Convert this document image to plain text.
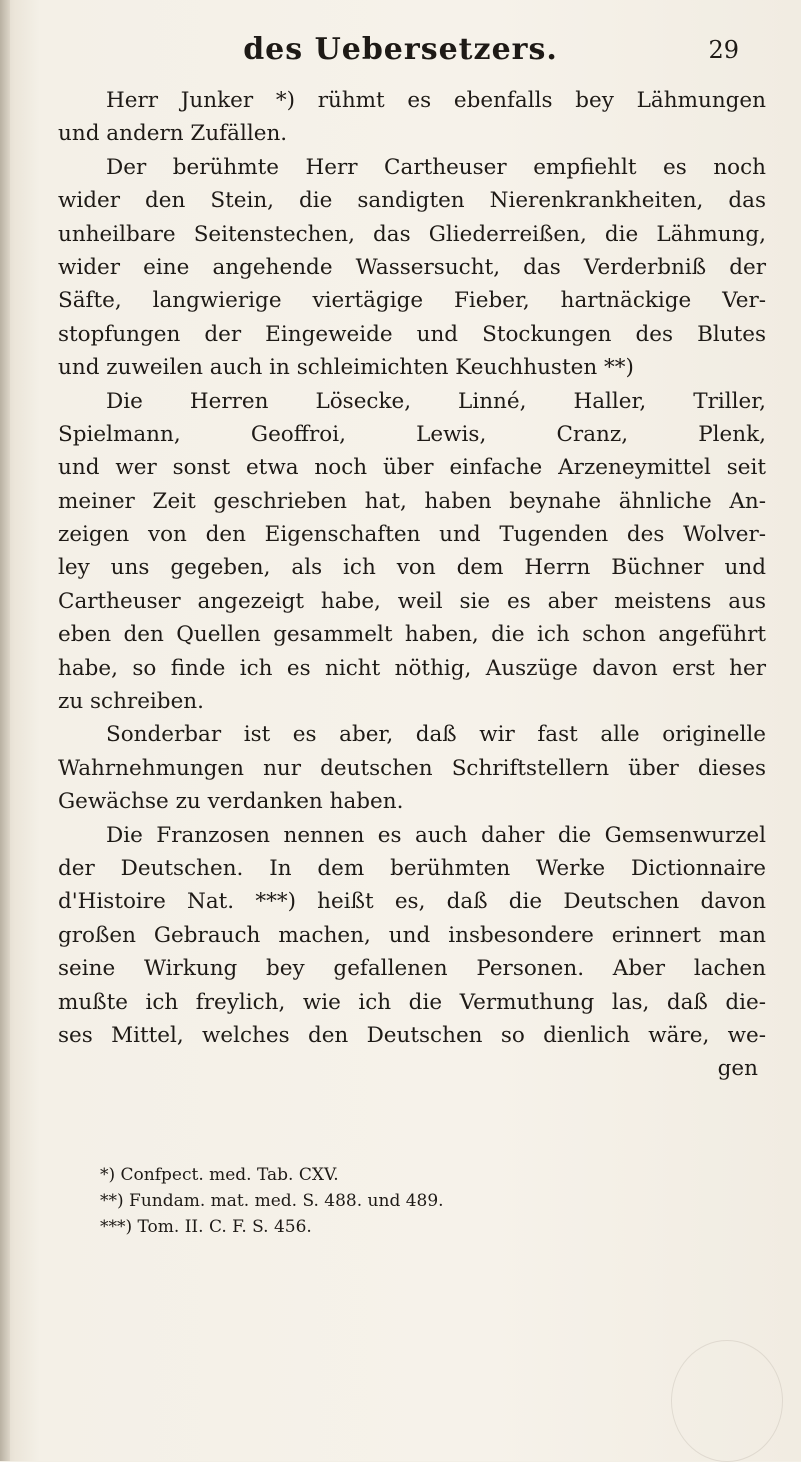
des Uebersetzers.	29
Herr Junker *) rühmt es ebenfalls bey Lähmungen
und andern Zufällen.
Der berühmte Herr Cartheuser empfiehlt es noch
wider den Stein, die sandigten Nierenkrankheiten, das
unheilbare Seitenstechen, das Gliederreißen, die Lähmung,
wider eine angehende Wassersucht, das Verderbniß der
Säfte, langwierige viertägige Fieber, hartnäckige Ver-
stopfungen der Eingeweide und Stockungen des Blutes
und zuweilen auch in schleimichten Keuchhusten **)
Die Herren Lösecke, Linné, Haller, Triller,
Spielmann, Geoffroi, Lewis, Cranz, Plenk,
und wer sonst etwa noch über einfache Arzeneymittel seit
meiner Zeit geschrieben hat, haben beynahe ähnliche An-
zeigen von den Eigenschaften und Tugenden des Wolver-
ley uns gegeben, als ich von dem Herrn Büchner und
Cartheuser angezeigt habe, weil sie es aber meistens aus
eben den Quellen gesammelt haben, die ich schon angeführt
habe, so finde ich es nicht nöthig, Auszüge davon erst her
zu schreiben.
Sonderbar ist es aber, daß wir fast alle originelle
Wahrnehmungen nur deutschen Schriftstellern über dieses
Gewächse zu verdanken haben.
Die Franzosen nennen es auch daher die Gemsenwurzel
der Deutschen. In dem berühmten Werke Dictionnaire
d'Histoire Nat. ***) heißt es, daß die Deutschen davon
großen Gebrauch machen, und insbesondere erinnert man
seine Wirkung bey gefallenen Personen. Aber lachen
mußte ich freylich, wie ich die Vermuthung las, daß die-
ses Mittel, welches den Deutschen so dienlich wäre, we-
gen
*) Confpect. med. Tab. CXV.
**) Fundam. mat. med. S. 488. und 489.
***) Tom. II. C. F. S. 456.
